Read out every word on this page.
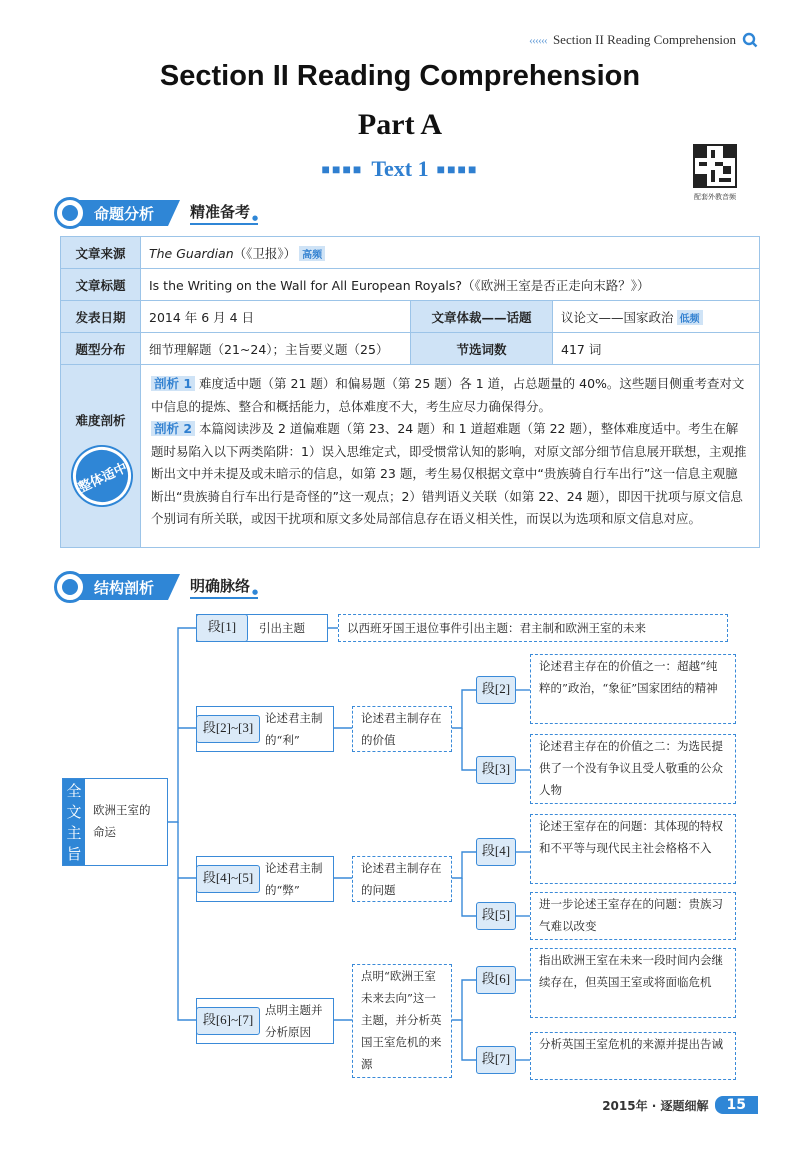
‹‹‹‹‹‹ Section II Reading Comprehension
Section II Reading Comprehension
Part A
■■■■ Text 1 ■■■■
配套外教音频
命题分析 精准备考 ●
文章来源	The Guardian（《卫报》） 高频		
文章标题	Is the Writing on the Wall for All European Royals?（《欧洲王室是否正走向末路？》）		
发表日期	2014 年 6 月 4 日	文章体裁——话题	议论文——国家政治 低频
题型分布	细节理解题（21~24）；主旨要义题（25）	节选词数	417 词

难度剖析
整体适中	剖析 1 难度适中题（第 21 题）和偏易题（第 25 题）各 1 道，占总题量的 40%。这些题目侧重考查对文中信息的提炼、整合和概括能力，总体难度不大，考生应尽力确保得分。
剖析 2 本篇阅读涉及 2 道偏难题（第 23、24 题）和 1 道超难题（第 22 题），整体难度适中。考生在解题时易陷入以下两类陷阱：1）误入思维定式，即受惯常认知的影响，对原文部分细节信息展开联想，主观推断出文中并未提及或未暗示的信息，如第 23 题，考生易仅根据文章中“贵族骑自行车出行”这一信息主观臆断出“贵族骑自行车出行是奇怪的”这一观点；2）错判语义关联（如第 22、24 题），即因干扰项与原文信息个别词有所关联，或因干扰项和原文多处局部信息存在语义相关性，而误以为选项和原文信息对应。		
结构剖析 明确脉络 ●
全文主旨
欧洲王室的命运
段[1]	引出主题	以西班牙国王退位事件引出主题：君主制和欧洲王室的未来
段[2]~[3]
论述君主制的“利”
论述君主制存在的价值
段[2]
论述君主存在的价值之一：超越“纯粹的”政治，“象征”国家团结的精神
段[3]
论述君主存在的价值之二：为选民提供了一个没有争议且受人敬重的公众人物
段[4]~[5]
论述君主制的“弊”
论述君主制存在的问题
段[4]
论述王室存在的问题：其体现的特权和不平等与现代民主社会格格不入
段[5]
进一步论述王室存在的问题：贵族习气难以改变
段[6]~[7]
点明主题并分析原因
点明“欧洲王室未来去向”这一主题，并分析英国王室危机的来源
段[6]
指出欧洲王室在未来一段时间内会继续存在，但英国王室或将面临危机
段[7]
分析英国王室危机的来源并提出告诫
2015年 · 逐题细解	15
